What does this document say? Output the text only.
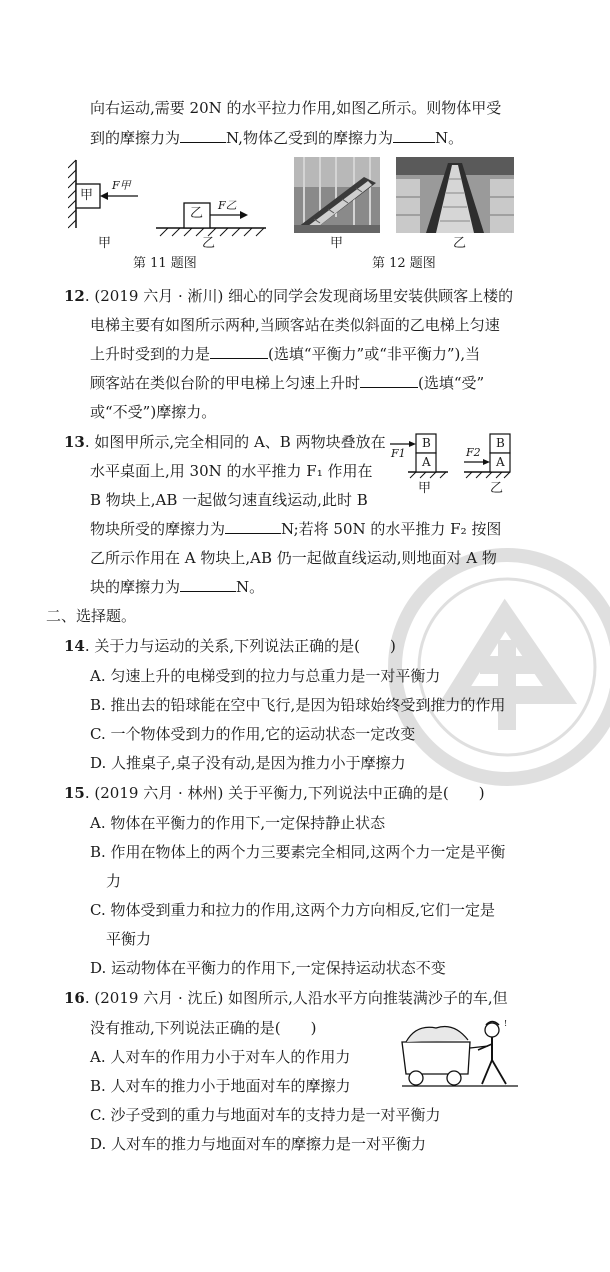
向右运动,需要 20N 的水平拉力作用,如图乙所示。则物体甲受
到的摩擦力为	N,物体乙受到的摩擦力为	N。
甲
乙
F甲
F乙
甲	乙
第 11 题图
甲	乙
第 12 题图
12. (2019 六月 · 淅川) 细心的同学会发现商场里安装供顾客上楼的
电梯主要有如图所示两种,当顾客站在类似斜面的乙电梯上匀速
上升时受到的力是	(选填“平衡力”或“非平衡力”),当
顾客站在类似台阶的甲电梯上匀速上升时	(选填“受”
或“不受”)摩擦力。
13. 如图甲所示,完全相同的 A、B 两物块叠放在
水平桌面上,用 30N 的水平推力 F₁ 作用在
B 物块上,AB 一起做匀速直线运动,此时 B
物块所受的摩擦力为	N;若将 50N 的水平推力 F₂ 按图
乙所示作用在 A 物块上,AB 仍一起做直线运动,则地面对 A 物
块的摩擦力为	N。
B
A
B
A
F1	F2
甲	乙
二、选择题。
14. 关于力与运动的关系,下列说法正确的是(　　)
A. 匀速上升的电梯受到的拉力与总重力是一对平衡力
B. 推出去的铅球能在空中飞行,是因为铅球始终受到推力的作用
C. 一个物体受到力的作用,它的运动状态一定改变
D. 人推桌子,桌子没有动,是因为推力小于摩擦力
15. (2019 六月 · 林州) 关于平衡力,下列说法中正确的是(　　)
A. 物体在平衡力的作用下,一定保持静止状态
B. 作用在物体上的两个力三要素完全相同,这两个力一定是平衡
力
C. 物体受到重力和拉力的作用,这两个力方向相反,它们一定是
平衡力
D. 运动物体在平衡力的作用下,一定保持运动状态不变
16. (2019 六月 · 沈丘) 如图所示,人沿水平方向推装满沙子的车,但
没有推动,下列说法正确的是(　　)
A. 人对车的作用力小于对车人的作用力
B. 人对车的推力小于地面对车的摩擦力
C. 沙子受到的重力与地面对车的支持力是一对平衡力
D. 人对车的推力与地面对车的摩擦力是一对平衡力
!
